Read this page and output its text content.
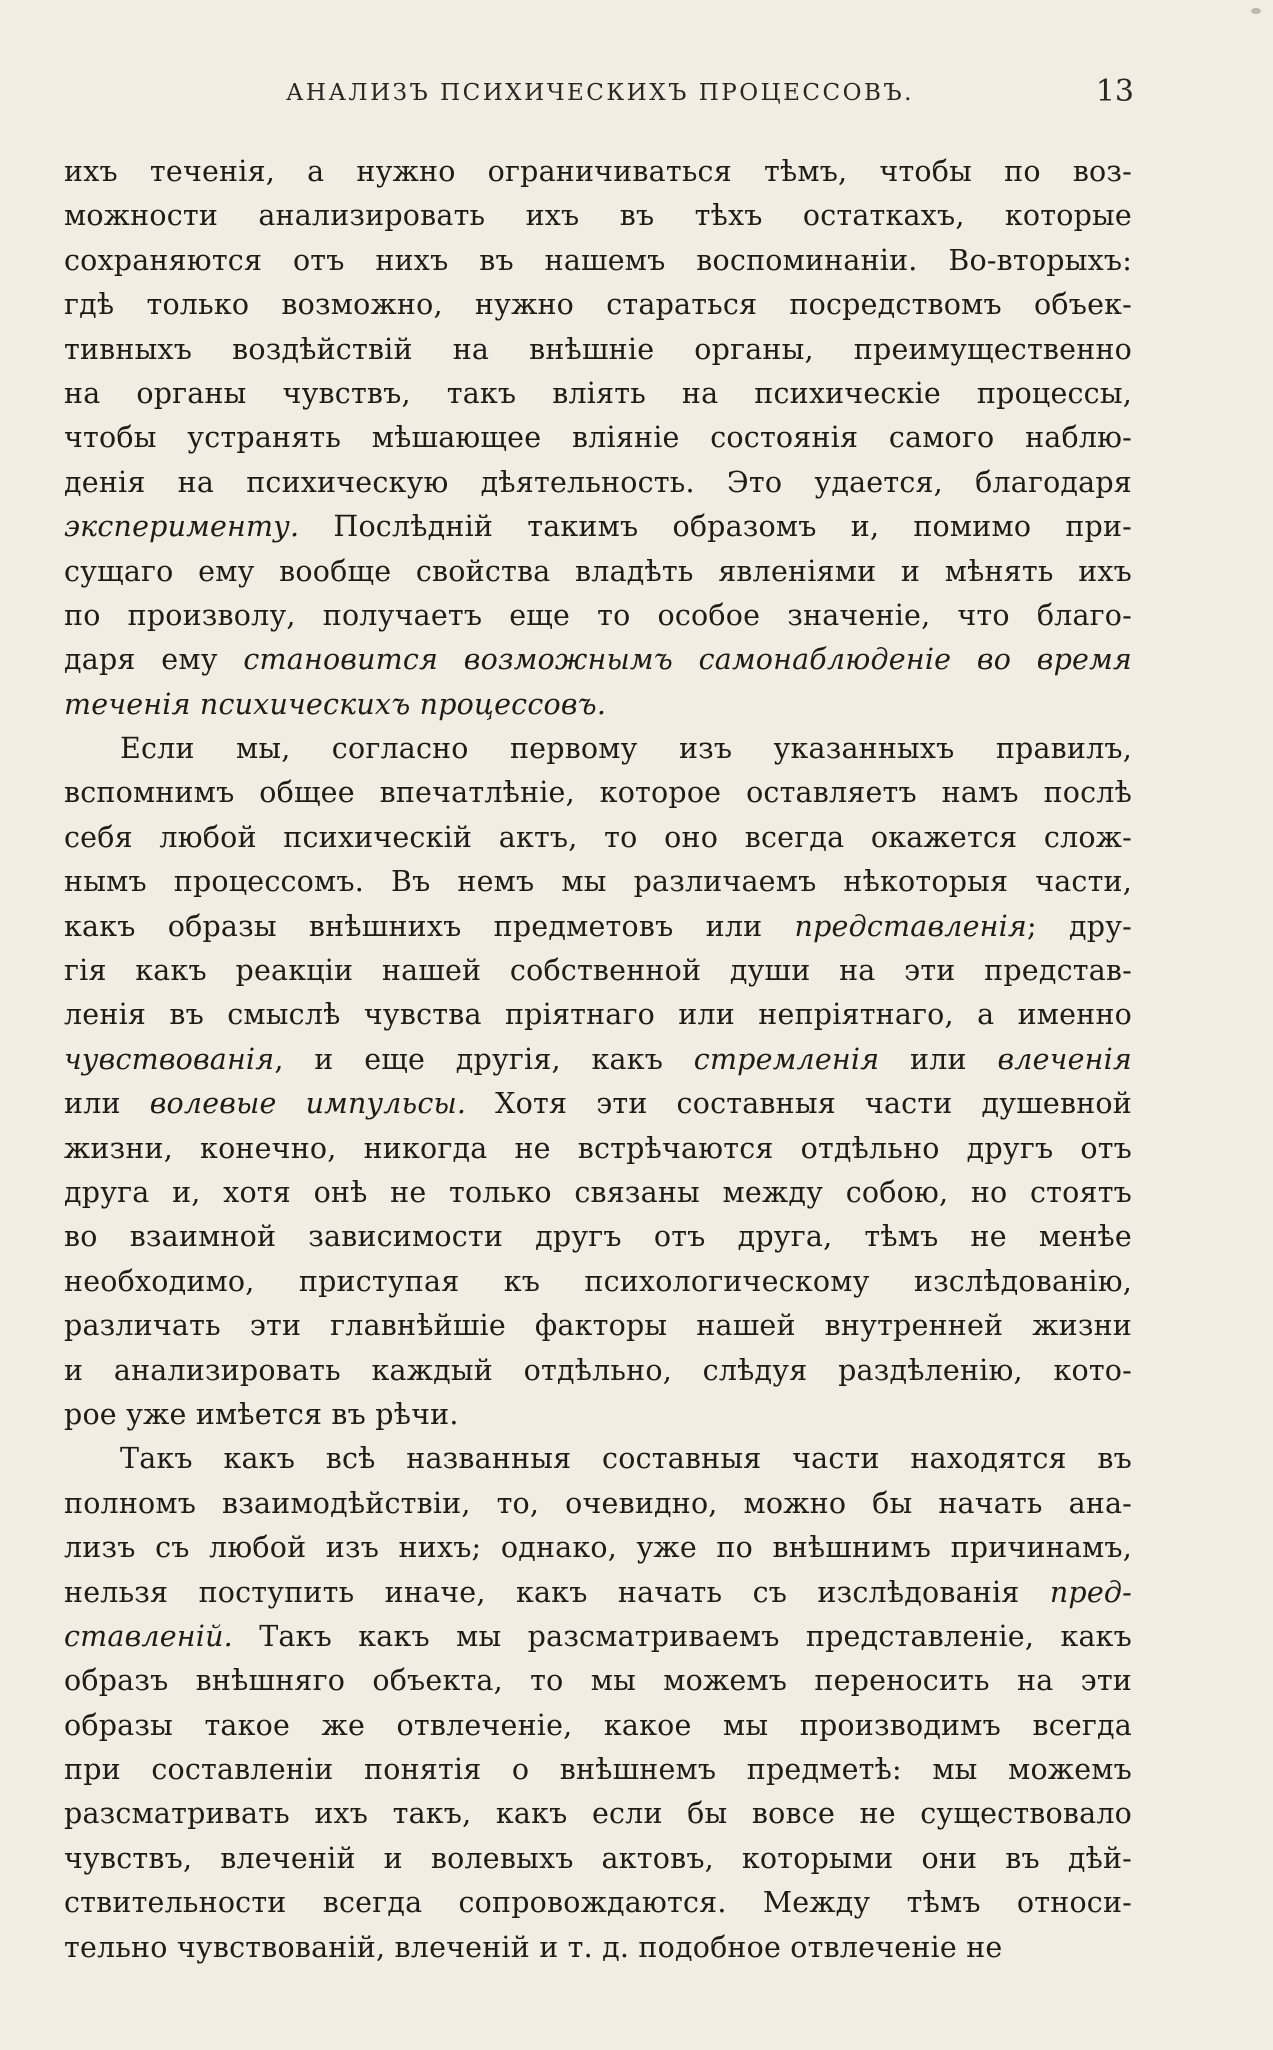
АНАЛИЗЪ ПСИХИЧЕСКИХЪ ПРОЦЕССОВЪ.	13
ихъ теченія, а нужно ограничиваться тѣмъ, чтобы по воз-
можности анализировать ихъ въ тѣхъ остаткахъ, которые
сохраняются отъ нихъ въ нашемъ воспоминаніи. Во-вторыхъ:
гдѣ только возможно, нужно стараться посредствомъ объек-
тивныхъ воздѣйствій на внѣшніе органы, преимущественно
на органы чувствъ, такъ влiять на психическіе процессы,
чтобы устранять мѣшающее вліяніе состоянія самого наблю-
денія на психическую дѣятельность. Это удается, благодаря
эксперименту. Послѣдній такимъ образомъ и, помимо при-
сущаго ему вообще свойства владѣть явленіями и мѣнять ихъ
по произволу, получаетъ еще то особое значеніе, что благо-
даря ему становится возможнымъ самонаблюденіе во время
теченія психическихъ процессовъ.
Если мы, согласно первому изъ указанныхъ правилъ,
вспомнимъ общее впечатлѣніе, которое оставляетъ намъ послѣ
себя любой психическій актъ, то оно всегда окажется слож-
нымъ процессомъ. Въ немъ мы различаемъ нѣкоторыя части,
какъ образы внѣшнихъ предметовъ или представленія; дру-
гія какъ реакціи нашей собственной души на эти представ-
ленія въ смыслѣ чувства пріятнаго или непріятнаго, а именно
чувствованія, и еще другія, какъ стремленія или влеченія
или волевые импульсы. Хотя эти составныя части душевной
жизни, конечно, никогда не встрѣчаются отдѣльно другъ отъ
друга и, хотя онѣ не только связаны между собою, но стоятъ
во взаимной зависимости другъ отъ друга, тѣмъ не менѣе
необходимо, приступая къ психологическому изслѣдованію,
различать эти главнѣйшіе факторы нашей внутренней жизни
и анализировать каждый отдѣльно, слѣдуя раздѣленію, кото-
рое уже имѣется въ рѣчи.
Такъ какъ всѣ названныя составныя части находятся въ
полномъ взаимодѣйствіи, то, очевидно, можно бы начать ана-
лизъ съ любой изъ нихъ; однако, уже по внѣшнимъ причинамъ,
нельзя поступить иначе, какъ начать съ изслѣдованія пред-
ставленій. Такъ какъ мы разсматриваемъ представленіе, какъ
образъ внѣшняго объекта, то мы можемъ переносить на эти
образы такое же отвлеченіе, какое мы производимъ всегда
при составленіи понятія о внѣшнемъ предметѣ: мы можемъ
разсматривать ихъ такъ, какъ если бы вовсе не существовало
чувствъ, влеченій и волевыхъ актовъ, которыми они въ дѣй-
ствительности всегда сопровождаются. Между тѣмъ относи-
тельно чувствованій, влеченій и т. д. подобное отвлеченіе не
